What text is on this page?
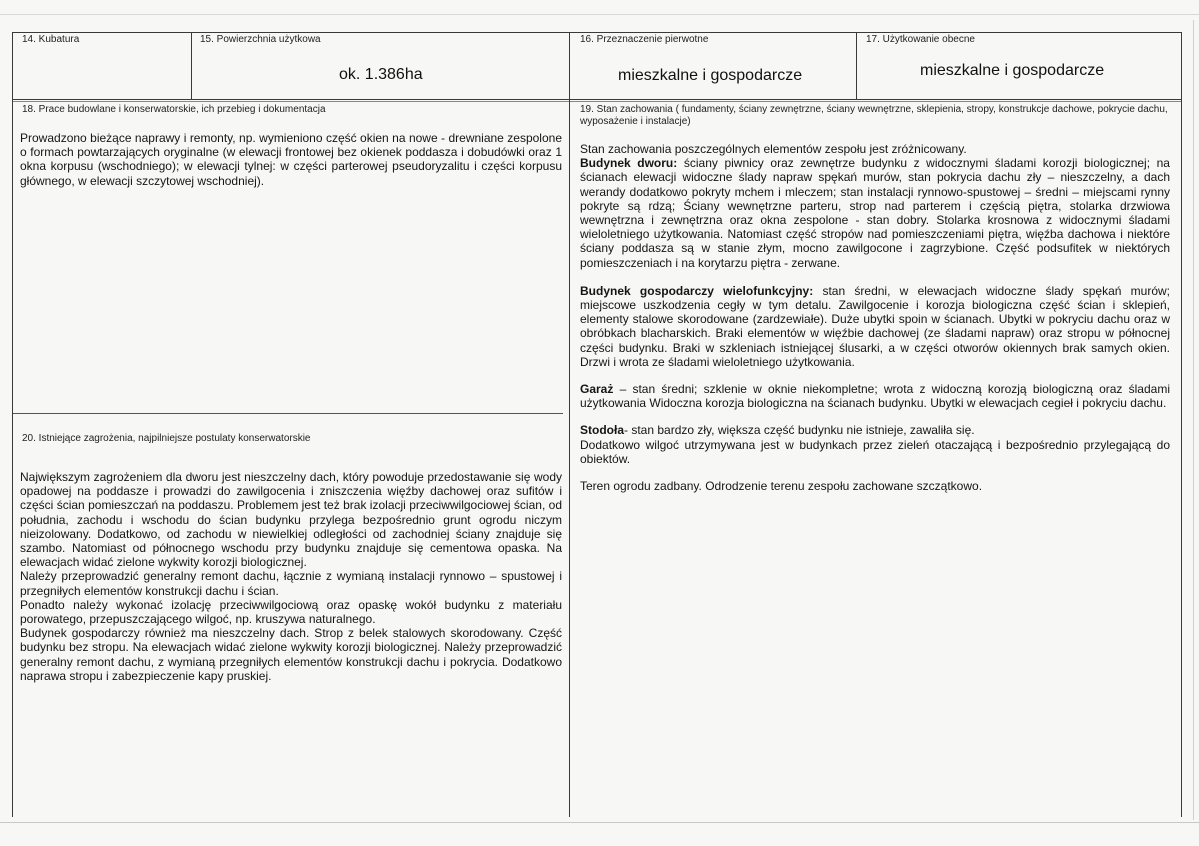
14. Kubatura	15. Powierzchnia użytkowa
ok. 1.386ha
16. Przeznaczenie pierwotne
mieszkalne i gospodarcze
17. Użytkowanie obecne
mieszkalne i gospodarcze
18. Prace budowlane i konserwatorskie, ich przebieg i dokumentacja

Prowadzono bieżące naprawy i remonty, np. wymieniono część okien na nowe - drewniane zespolone o formach powtarzających oryginalne (w elewacji frontowej bez okienek poddasza i dobudówki oraz 1 okna korpusu (wschodniego); w elewacji tylnej: w części parterowej pseudoryzalitu i części korpusu głównego, w elewacji szczytowej wschodniej).

19. Stan zachowania ( fundamenty, ściany zewnętrzne, ściany wewnętrzne, sklepienia, stropy, konstrukcje dachowe, pokrycie dachu, wyposażenie i instalacje)

Stan zachowania poszczególnych elementów zespołu jest zróżnicowany.

Budynek dworu: ściany piwnicy oraz zewnętrze budynku z widocznymi śladami korozji biologicznej; na ścianach elewacji widoczne ślady napraw spękań murów, stan pokrycia dachu zły – nieszczelny, a dach werandy dodatkowo pokryty mchem i mleczem; stan instalacji rynnowo-spustowej – średni – miejscami rynny pokryte są rdzą; Ściany wewnętrzne parteru, strop nad parterem i częścią piętra, stolarka drzwiowa wewnętrzna i zewnętrzna oraz okna zespolone - stan dobry. Stolarka krosnowa z widocznymi śladami wieloletniego użytkowania. Natomiast część stropów nad pomieszczeniami piętra, więźba dachowa i niektóre ściany poddasza są w stanie złym, mocno zawilgocone i zagrzybione. Część podsufitek w niektórych pomieszczeniach i na korytarzu piętra - zerwane.

Budynek gospodarczy wielofunkcyjny: stan średni, w elewacjach widoczne ślady spękań murów; miejscowe uszkodzenia cegły w tym detalu. Zawilgocenie i korozja biologiczna część ścian i sklepień, elementy stalowe skorodowane (zardzewiałe). Duże ubytki spoin w ścianach. Ubytki w pokryciu dachu oraz w obróbkach blacharskich. Braki elementów w więźbie dachowej (ze śladami napraw) oraz stropu w północnej części budynku. Braki w szkleniach istniejącej ślusarki, a w części otworów okiennych brak samych okien. Drzwi i wrota ze śladami wieloletniego użytkowania.

Garaż – stan średni; szklenie w oknie niekompletne; wrota z widoczną korozją biologiczną oraz śladami użytkowania Widoczna korozja biologiczna na ścianach budynku. Ubytki w elewacjach cegieł i pokryciu dachu.

Stodoła- stan bardzo zły, większa część budynku nie istnieje, zawaliła się.

Dodatkowo wilgoć utrzymywana jest w budynkach przez zieleń otaczającą i bezpośrednio przylegającą do obiektów.

Teren ogrodu zadbany. Odrodzenie terenu zespołu zachowane szczątkowo.

20. Istniejące zagrożenia, najpilniejsze postulaty konserwatorskie

Największym zagrożeniem dla dworu jest nieszczelny dach, który powoduje przedostawanie się wody opadowej na poddasze i prowadzi do zawilgocenia i zniszczenia więźby dachowej oraz sufitów i części ścian pomieszczań na poddaszu. Problemem jest też brak izolacji przeciwwilgociowej ścian, od południa, zachodu i wschodu do ścian budynku przylega bezpośrednio grunt ogrodu niczym nieizolowany. Dodatkowo, od zachodu w niewielkiej odległości od zachodniej ściany znajduje się szambo. Natomiast od północnego wschodu przy budynku znajduje się cementowa opaska. Na elewacjach widać zielone wykwity korozji biologicznej.

Należy przeprowadzić generalny remont dachu, łącznie z wymianą instalacji rynnowo – spustowej i przegniłych elementów konstrukcji dachu i ścian.

Ponadto należy wykonać izolację przeciwwilgociową oraz opaskę wokół budynku z materiału porowatego, przepuszczającego wilgoć, np. kruszywa naturalnego.

Budynek gospodarczy również ma nieszczelny dach. Strop z belek stalowych skorodowany. Część budynku bez stropu. Na elewacjach widać zielone wykwity korozji biologicznej. Należy przeprowadzić generalny remont dachu, z wymianą przegniłych elementów konstrukcji dachu i pokrycia. Dodatkowo naprawa stropu i zabezpieczenie kapy pruskiej.
